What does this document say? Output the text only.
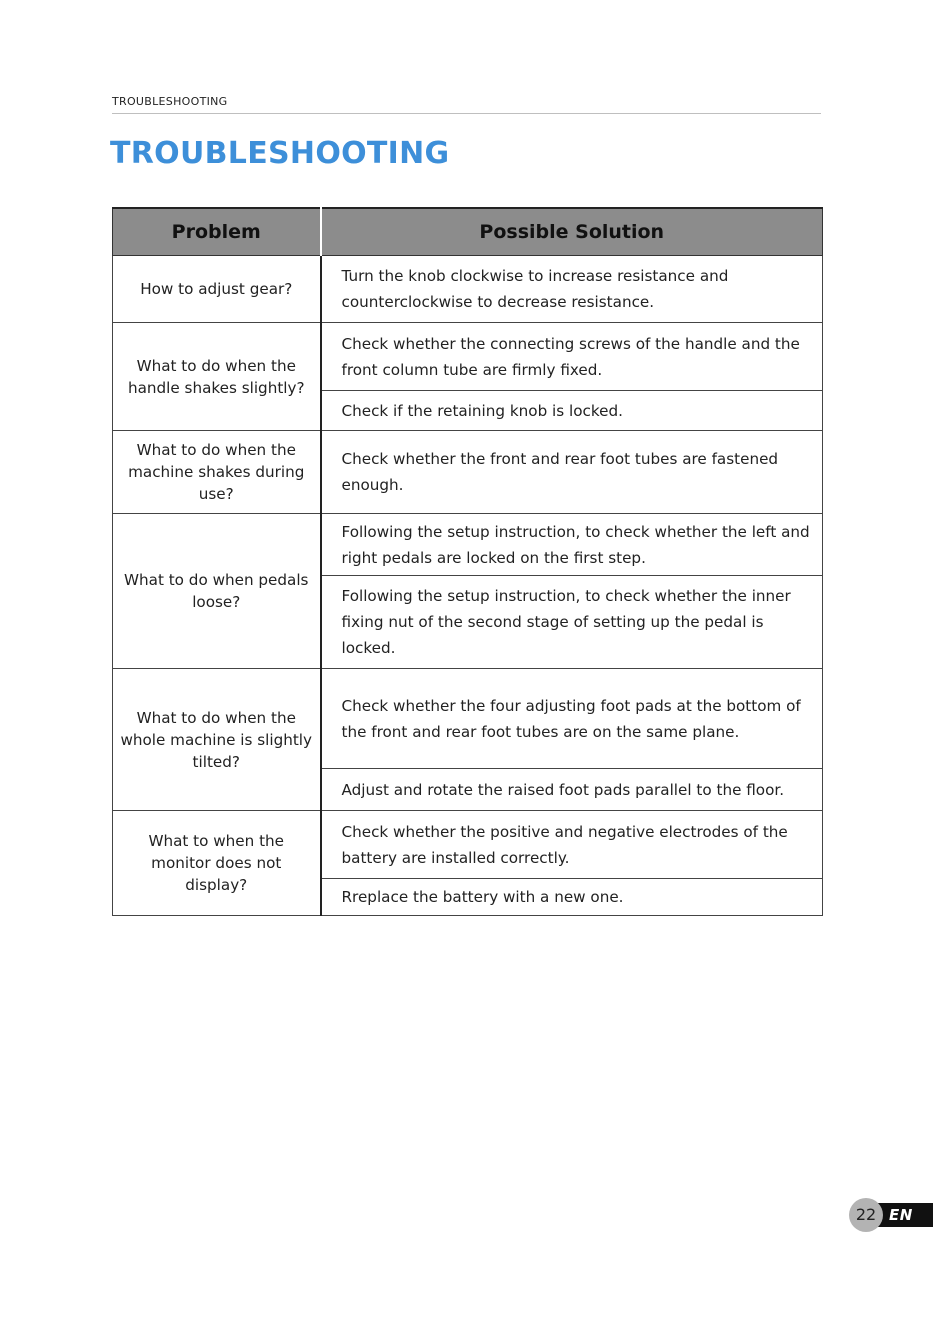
TROUBLESHOOTING
TROUBLESHOOTING
Problem	Possible Solution
How to adjust gear?	Turn the knob clockwise to increase resistance and counterclockwise to decrease resistance.
What to do when the handle shakes slightly?	Check whether the connecting screws of the handle and the front column tube are firmly fixed.
	Check if the retaining knob is locked.
What to do when the machine shakes during use?	Check whether the front and rear foot tubes are fastened enough.
What to do when pedals loose?	Following the setup instruction, to check whether the left and right pedals are locked on the first step.
	Following the setup instruction, to check whether the inner fixing nut of the second stage of setting up the pedal is locked.
What to do when the whole machine is slightly tilted?	Check whether the four adjusting foot pads at the bottom of the front and rear foot tubes are on the same plane.
	Adjust and rotate the raised foot pads parallel to the floor.
What to when the monitor does not display?	Check whether the positive and negative electrodes of the battery are installed correctly.
	Rreplace the battery with a new one.
EN
22
